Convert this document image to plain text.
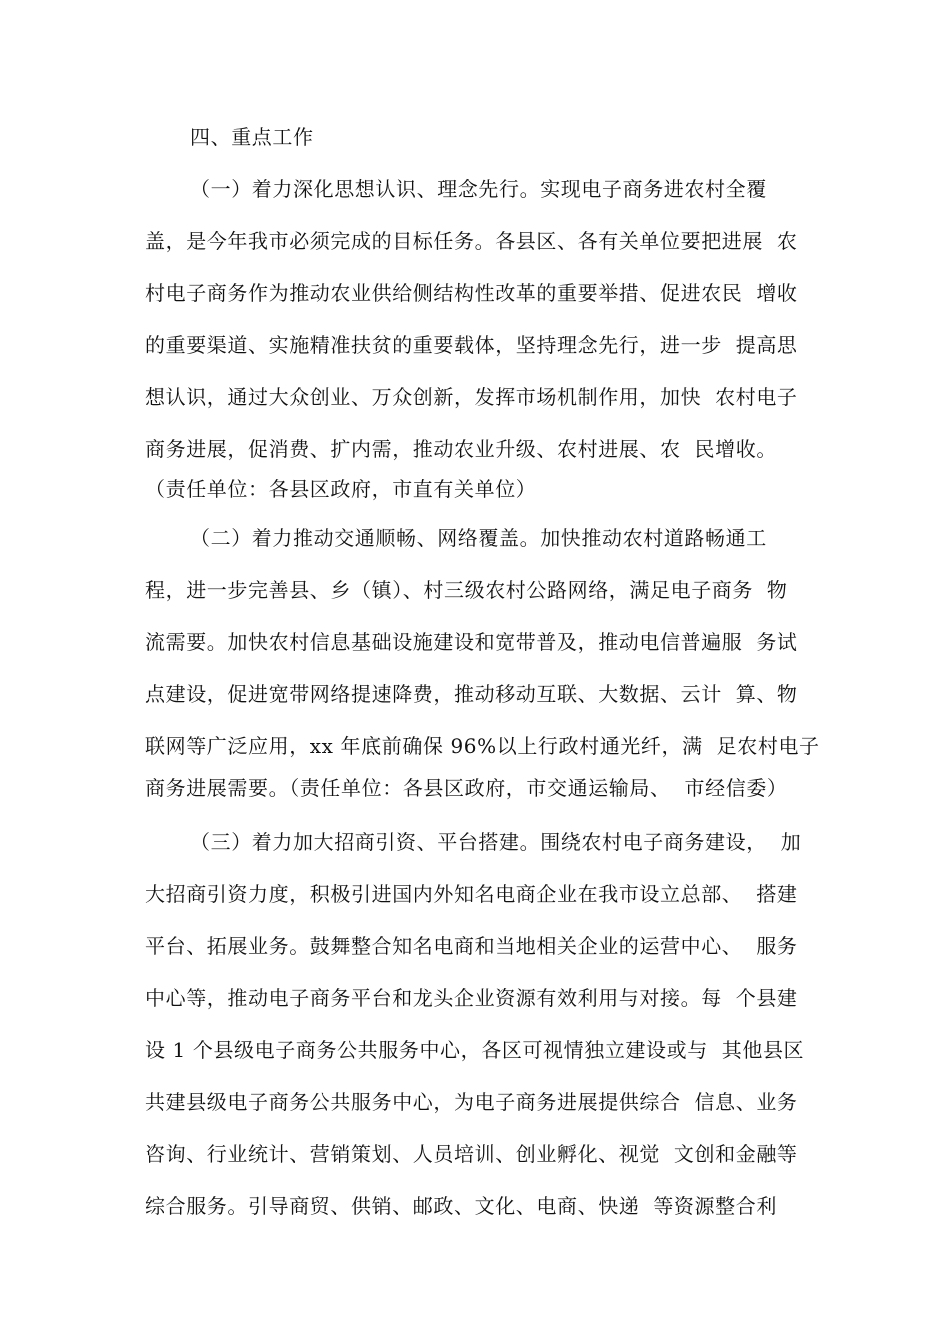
四、重点工作
（一）着力深化思想认识、理念先行。实现电子商务进农村全覆
盖，是今年我市必须完成的目标任务。各县区、各有关单位要把进展  农
村电子商务作为推动农业供给侧结构性改革的重要举措、促进农民  增收
的重要渠道、实施精准扶贫的重要载体，坚持理念先行，进一步  提高思
想认识，通过大众创业、万众创新，发挥市场机制作用，加快  农村电子
商务进展，促消费、扩内需，推动农业升级、农村进展、农  民增收。
（责任单位：各县区政府，市直有关单位）
（二）着力推动交通顺畅、网络覆盖。加快推动农村道路畅通工
程，进一步完善县、乡（镇）、村三级农村公路网络，满足电子商务  物
流需要。加快农村信息基础设施建设和宽带普及，推动电信普遍服  务试
点建设，促进宽带网络提速降费，推动移动互联、大数据、云计  算、物
联网等广泛应用，xx 年底前确保 96%以上行政村通光纤，满  足农村电子
商务进展需要。（责任单位：各县区政府，市交通运输局、  市经信委）
（三）着力加大招商引资、平台搭建。围绕农村电子商务建设，  加
大招商引资力度，积极引进国内外知名电商企业在我市设立总部、  搭建
平台、拓展业务。鼓舞整合知名电商和当地相关企业的运营中心、  服务
中心等，推动电子商务平台和龙头企业资源有效利用与对接。每  个县建
设 1 个县级电子商务公共服务中心，各区可视情独立建设或与  其他县区
共建县级电子商务公共服务中心，为电子商务进展提供综合  信息、业务
咨询、行业统计、营销策划、人员培训、创业孵化、视觉  文创和金融等
综合服务。引导商贸、供销、邮政、文化、电商、快递  等资源整合利
